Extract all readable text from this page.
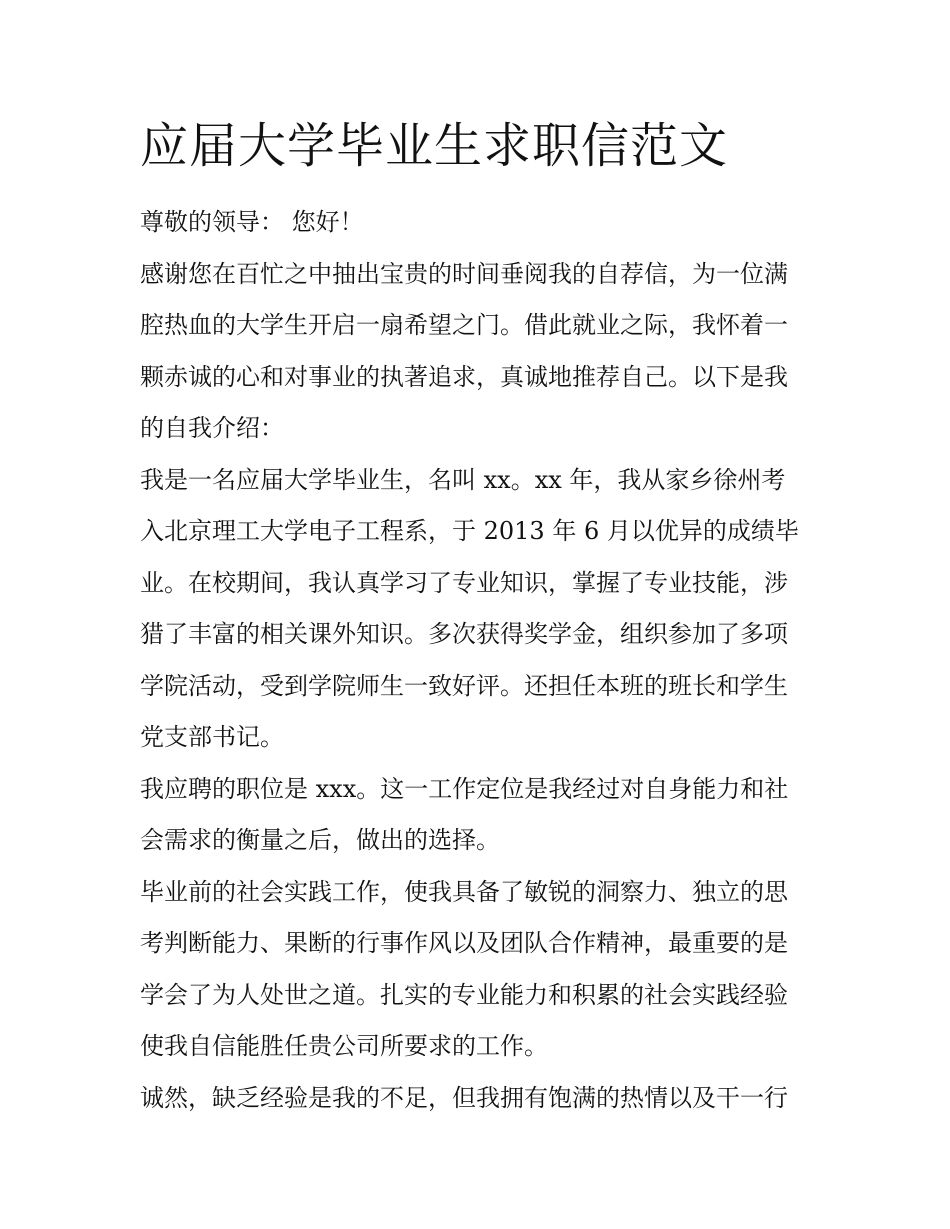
应届大学毕业生求职信范文
尊敬的领导： 您好！
感谢您在百忙之中抽出宝贵的时间垂阅我的自荐信，为一位满
腔热血的大学生开启一扇希望之门。借此就业之际，我怀着一
颗赤诚的心和对事业的执著追求，真诚地推荐自己。以下是我
的自我介绍：
我是一名应届大学毕业生，名叫 xx。xx 年，我从家乡徐州考
入北京理工大学电子工程系，于 2013 年 6 月以优异的成绩毕
业。在校期间，我认真学习了专业知识，掌握了专业技能，涉
猎了丰富的相关课外知识。多次获得奖学金，组织参加了多项
学院活动，受到学院师生一致好评。还担任本班的班长和学生
党支部书记。
我应聘的职位是 xxx。这一工作定位是我经过对自身能力和社
会需求的衡量之后，做出的选择。
毕业前的社会实践工作，使我具备了敏锐的洞察力、独立的思
考判断能力、果断的行事作风以及团队合作精神，最重要的是
学会了为人处世之道。扎实的专业能力和积累的社会实践经验
使我自信能胜任贵公司所要求的工作。
诚然，缺乏经验是我的不足，但我拥有饱满的热情以及干一行
